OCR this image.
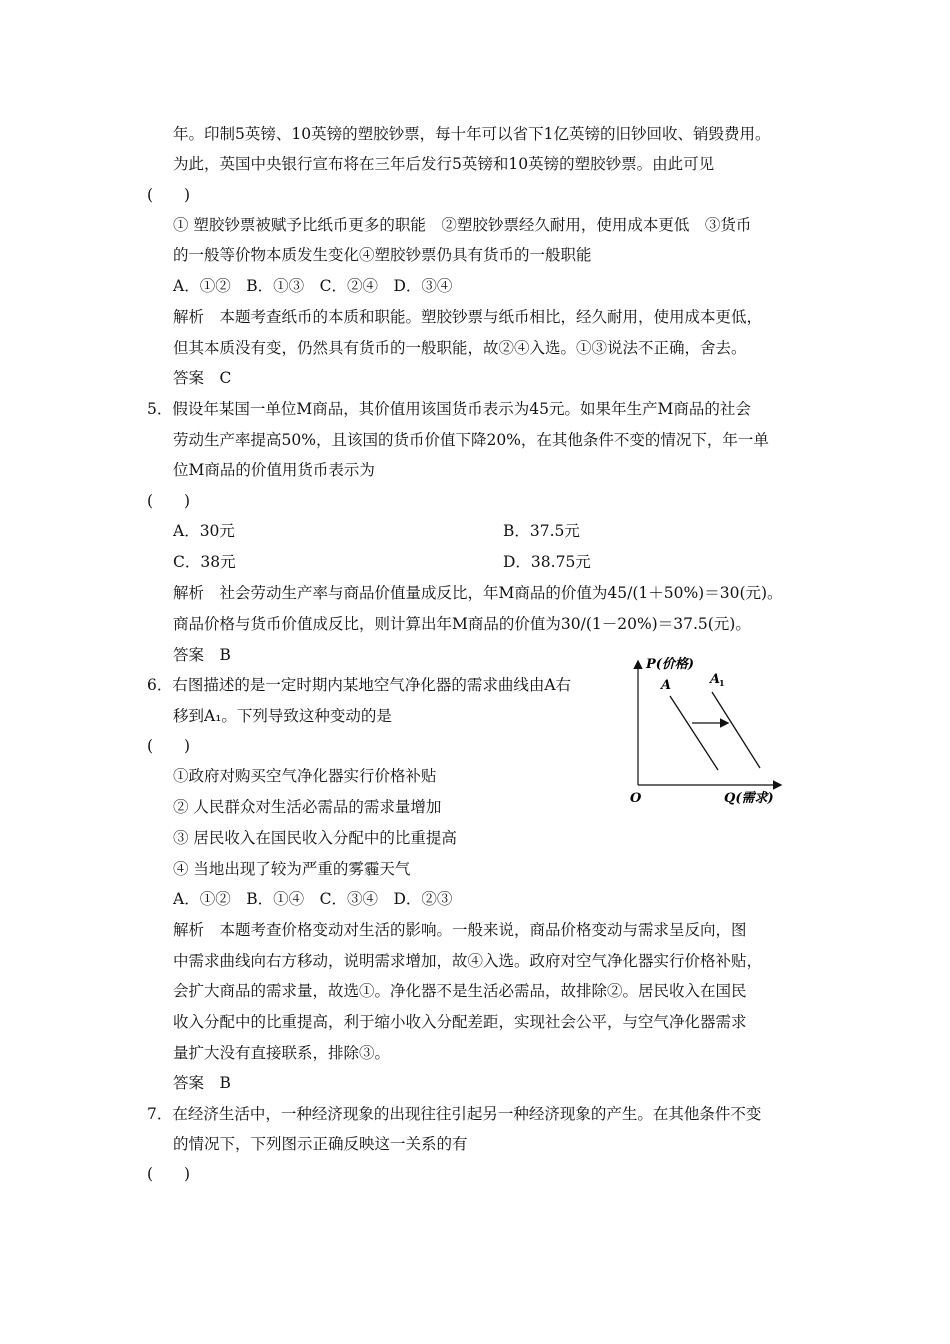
年。印制5英镑、10英镑的塑胶钞票，每十年可以省下1亿英镑的旧钞回收、销毁费用。
为此，英国中央银行宣布将在三年后发行5英镑和10英镑的塑胶钞票。由此可见
(　　)
① 塑胶钞票被赋予比纸币更多的职能　②塑胶钞票经久耐用，使用成本更低　③货币
的一般等价物本质发生变化④塑胶钞票仍具有货币的一般职能
A．①②　B．①③　C．②④　D．③④
解析　本题考查纸币的本质和职能。塑胶钞票与纸币相比，经久耐用，使用成本更低，
但其本质没有变，仍然具有货币的一般职能，故②④入选。①③说法不正确，舍去。
答案　C
5．假设年某国一单位M商品，其价值用该国货币表示为45元。如果年生产M商品的社会
劳动生产率提高50%，且该国的货币价值下降20%，在其他条件不变的情况下，年一单
位M商品的价值用货币表示为
(　　)
A．30元	B．37.5元
C．38元	D．38.75元
解析　社会劳动生产率与商品价值量成反比，年M商品的价值为45/(1＋50%)＝30(元)。
商品价格与货币价值成反比，则计算出年M商品的价值为30/(1－20%)＝37.5(元)。
答案　B
6．右图描述的是一定时期内某地空气净化器的需求曲线由A右
移到A₁。下列导致这种变动的是
(　　)
①政府对购买空气净化器实行价格补贴
② 人民群众对生活必需品的需求量增加
③ 居民收入在国民收入分配中的比重提高
④ 当地出现了较为严重的雾霾天气
A．①②　B．①④　C．③④　D．②③
解析　本题考查价格变动对生活的影响。一般来说，商品价格变动与需求呈反向，图
中需求曲线向右方移动，说明需求增加，故④入选。政府对空气净化器实行价格补贴，
会扩大商品的需求量，故选①。净化器不是生活必需品，故排除②。居民收入在国民
收入分配中的比重提高，利于缩小收入分配差距，实现社会公平，与空气净化器需求
量扩大没有直接联系，排除③。
答案　B
P(价格)
O	Q(需求)
A	A
1
7．在经济生活中，一种经济现象的出现往往引起另一种经济现象的产生。在其他条件不变
的情况下，下列图示正确反映这一关系的有
(　　)
